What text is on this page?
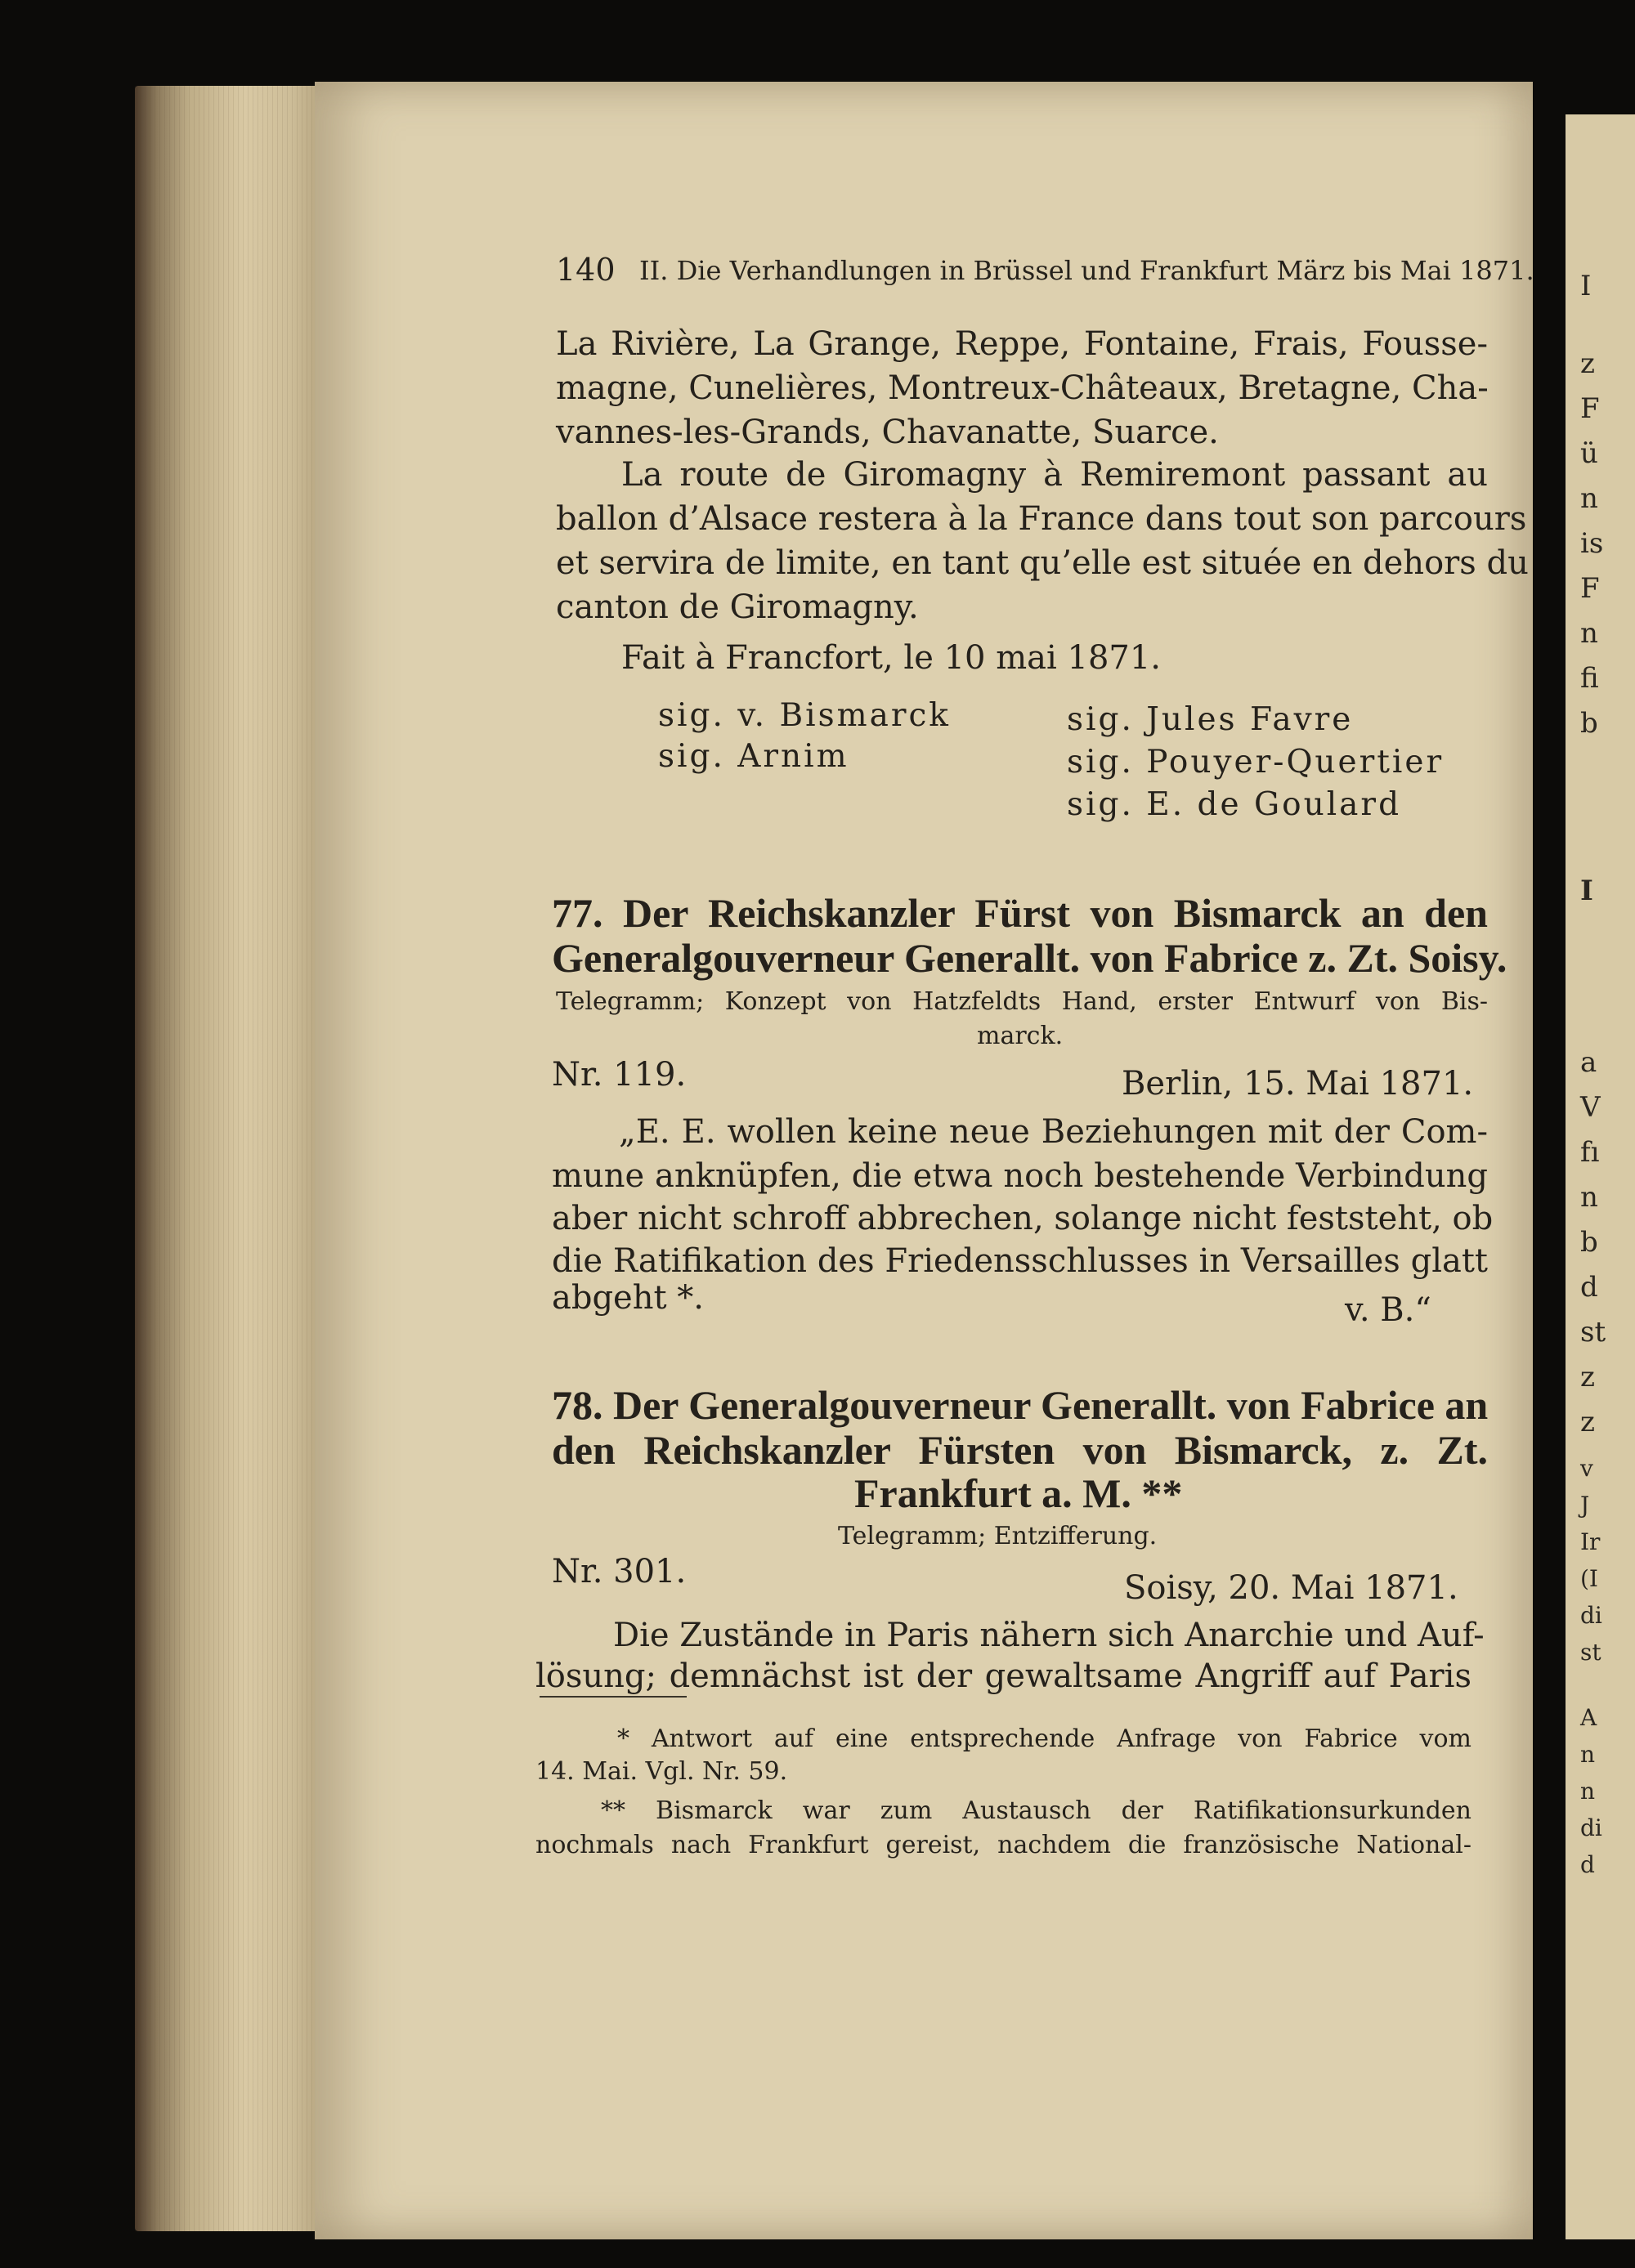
I
z
F
ü
n
is
F
n
fi
b
I
a
V
fı
n
b
d
st
z
z
v
J
Ir
(I
di
st
A
n
n
di
d
140 II. Die Verhandlungen in Brüssel und Frankfurt März bis Mai 1871.
La Rivière, La Grange, Reppe, Fontaine, Frais, Fousse-
magne, Cunelières, Montreux-Châteaux, Bretagne, Cha-
vannes-les-Grands, Chavanatte, Suarce.
La route de Giromagny à Remiremont passant au
ballon d’Alsace restera à la France dans tout son parcours
et servira de limite, en tant qu’elle est située en dehors du
canton de Giromagny.
Fait à Francfort, le 10 mai 1871.
sig. v. Bismarck
sig. Arnim
sig. Jules Favre
sig. Pouyer-Quertier
sig. E. de Goulard
77. Der Reichskanzler Fürst von Bismarck an den
Generalgouverneur Generallt. von Fabrice z. Zt. Soisy.
Telegramm; Konzept von Hatzfeldts Hand, erster Entwurf von Bis-
marck.
Nr. 119.	Berlin, 15. Mai 1871.
„E. E. wollen keine neue Beziehungen mit der Com-
mune anknüpfen, die etwa noch bestehende Verbindung
aber nicht schroff abbrechen, solange nicht feststeht, ob
die Ratifikation des Friedensschlusses in Versailles glatt
abgeht *.	v. B.“
78. Der Generalgouverneur Generallt. von Fabrice an
den Reichskanzler Fürsten von Bismarck, z. Zt.
Frankfurt a. M. **
Telegramm; Entzifferung.
Nr. 301.	Soisy, 20. Mai 1871.
Die Zustände in Paris nähern sich Anarchie und Auf-
lösung; demnächst ist der gewaltsame Angriff auf Paris
* Antwort auf eine entsprechende Anfrage von Fabrice vom
14. Mai. Vgl. Nr. 59.
** Bismarck war zum Austausch der Ratifikationsurkunden
nochmals nach Frankfurt gereist, nachdem die französische National-
